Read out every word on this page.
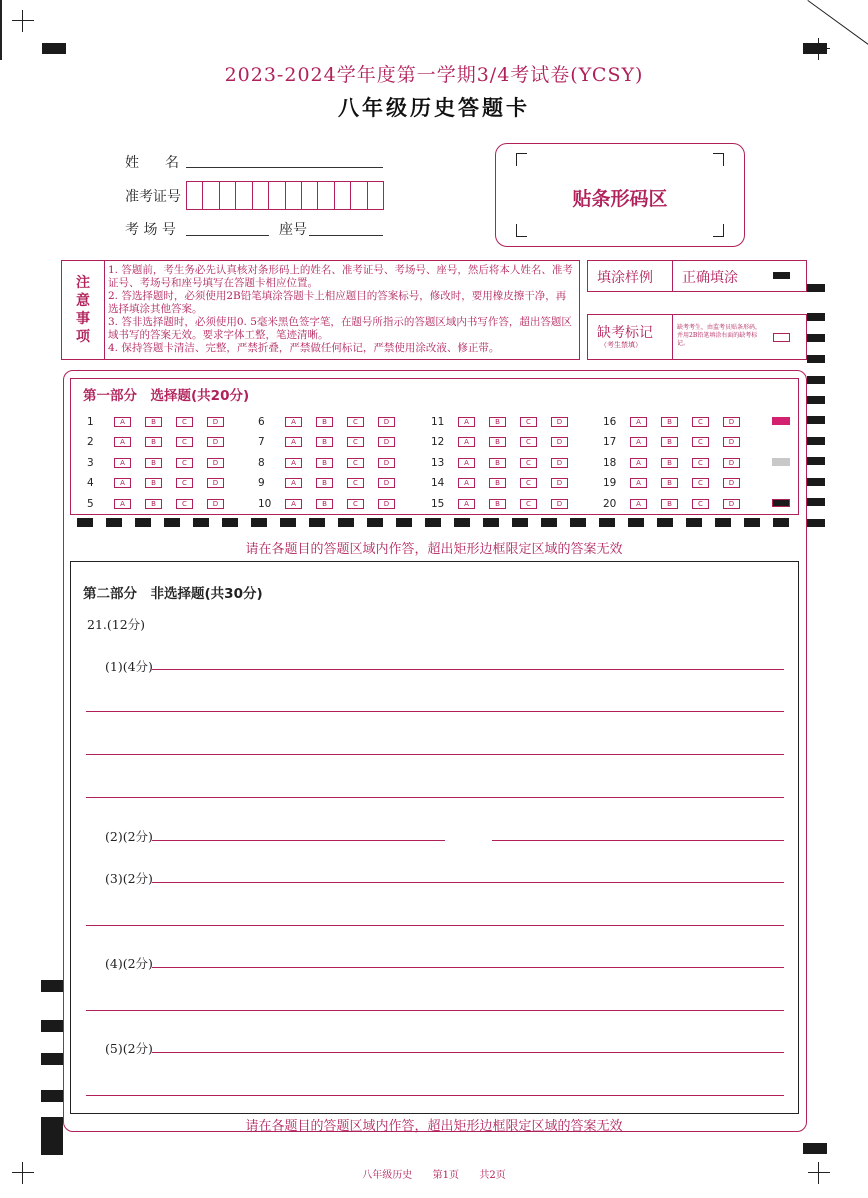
2023-2024学年度第一学期3/4考试卷(YCSY)
八年级历史答题卡
姓　名
准考证号
考 场 号	座号
贴条形码区
注
意
事
项
1. 答题前，考生务必先认真核对条形码上的姓名、准考证号、考场号、座号，然后将本人姓名、准考证号、考场号和座号填写在答题卡相应位置。
2. 答选择题时，必须使用2B铅笔填涂答题卡上相应题目的答案标号，修改时，要用橡皮擦干净，再选择填涂其他答案。
3. 答非选择题时，必须使用0. 5毫米黑色签字笔，在题号所指示的答题区域内书写作答，超出答题区域书写的答案无效。要求字体工整，笔迹清晰。
4. 保持答题卡清洁、完整，严禁折叠，严禁做任何标记，严禁使用涂改液、修正带。
填涂样例 正确填涂
缺考标记
（考生禁填）
缺考考生，由监考员贴条形码，并用2B铅笔填涂右面的缺考标记。
第一部分　选择题(共20分)
1	A	B	C	D
2	A	B	C	D
3	A	B	C	D
4	A	B	C	D
5	A	B	C	D
6	A	B	C	D
7	A	B	C	D
8	A	B	C	D
9	A	B	C	D
10	A	B	C	D
11	A	B	C	D
12	A	B	C	D
13	A	B	C	D
14	A	B	C	D
15	A	B	C	D
16	A	B	C	D
17	A	B	C	D
18	A	B	C	D
19	A	B	C	D
20	A	B	C	D
请在各题目的答题区域内作答，超出矩形边框限定区域的答案无效
第二部分　非选择题(共30分)
21.(12分)
(1)(4分)
(2)(2分)
(3)(2分)
(4)(2分)
(5)(2分)
请在各题目的答题区域内作答，超出矩形边框限定区域的答案无效
八年级历史 第1页 共2页
